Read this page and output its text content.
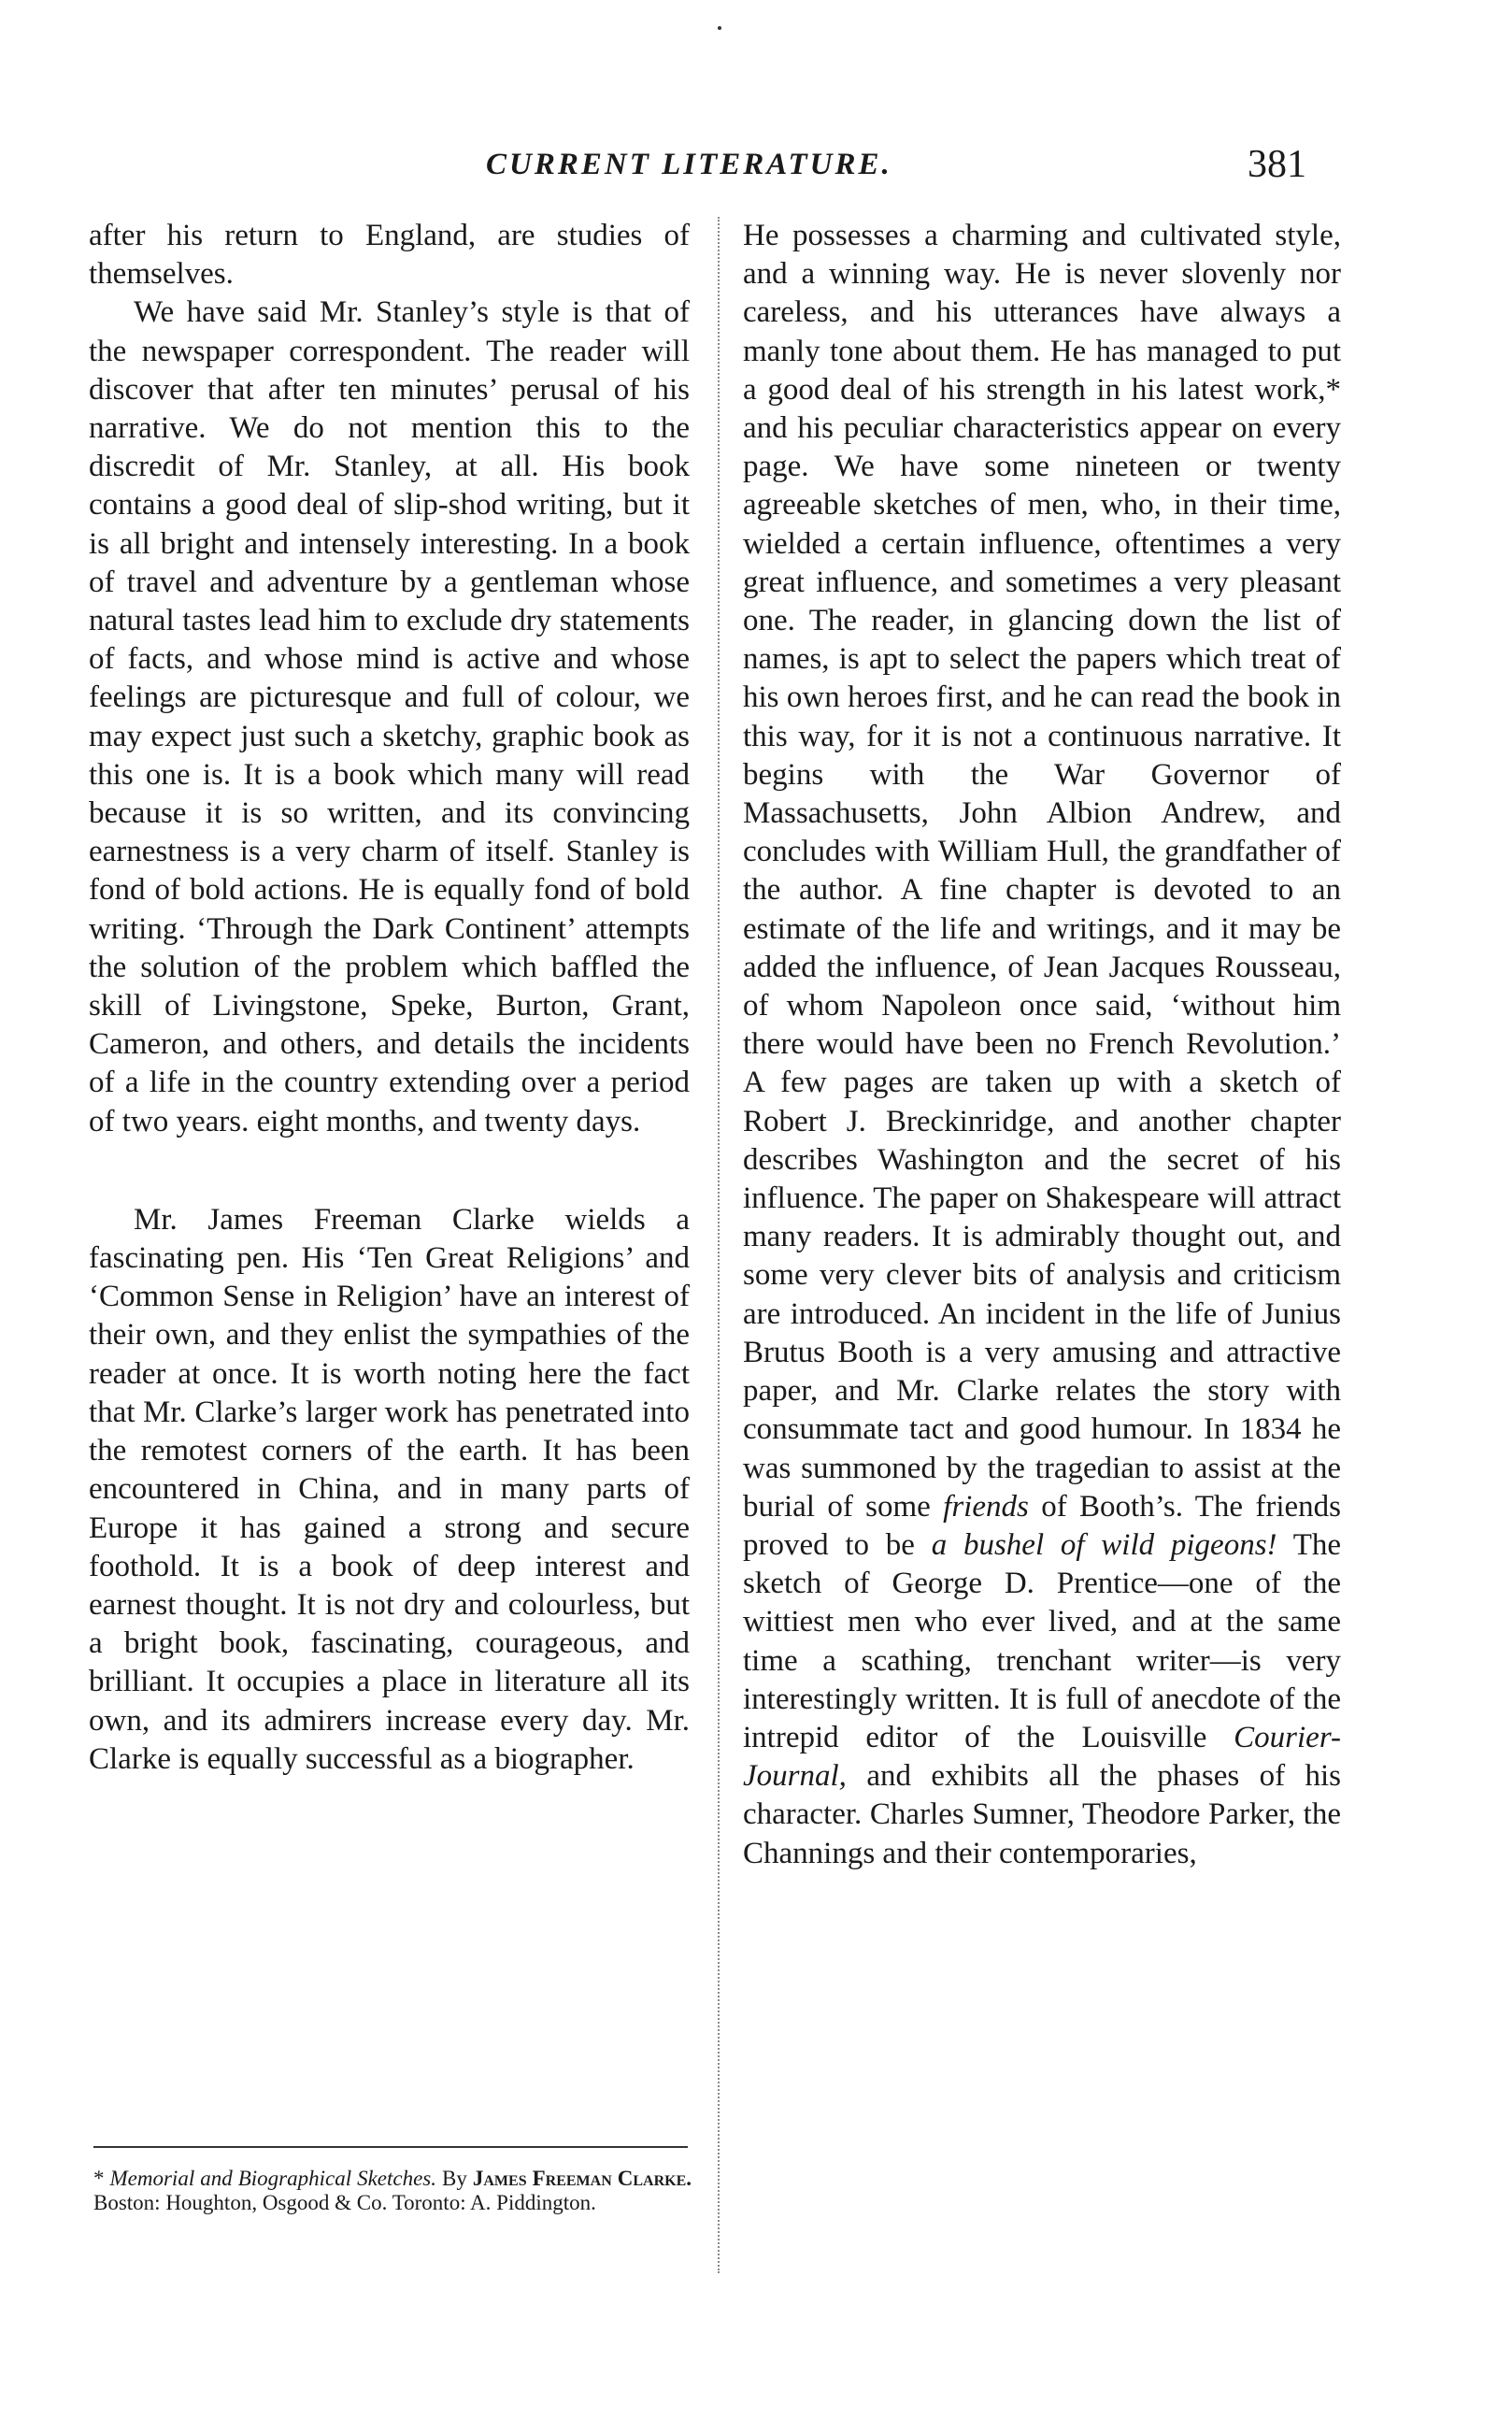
CURRENT LITERATURE.	381

after his return to England, are studies of themselves.

We have said Mr. Stanley’s style is that of the newspaper correspondent. The reader will discover that after ten minutes’ perusal of his narrative. We do not mention this to the discredit of Mr. Stanley, at all. His book contains a good deal of slip-shod writing, but it is all bright and intensely interesting. In a book of travel and adventure by a gentleman whose natural tastes lead him to exclude dry statements of facts, and whose mind is active and whose feelings are picturesque and full of colour, we may expect just such a sketchy, graphic book as this one is. It is a book which many will read because it is so written, and its convincing earnestness is a very charm of itself. Stanley is fond of bold actions. He is equally fond of bold writing. ‘Through the Dark Continent’ attempts the solution of the problem which baffled the skill of Livingstone, Speke, Burton, Grant, Cameron, and others, and details the incidents of a life in the country extending over a period of two years. eight months, and twenty days.

Mr. James Freeman Clarke wields a fascinating pen. His ‘Ten Great Religions’ and ‘Common Sense in Religion’ have an interest of their own, and they enlist the sympathies of the reader at once. It is worth noting here the fact that Mr. Clarke’s larger work has penetrated into the remotest corners of the earth. It has been encountered in China, and in many parts of Europe it has gained a strong and secure foothold. It is a book of deep interest and earnest thought. It is not dry and colourless, but a bright book, fascinating, courageous, and brilliant. It occupies a place in literature all its own, and its admirers increase every day. Mr. Clarke is equally successful as a biographer.

* Memorial and Biographical Sketches. By James Freeman Clarke. Boston: Houghton, Osgood & Co. Toronto: A. Piddington.

He possesses a charming and cultivated style, and a winning way. He is never slovenly nor careless, and his utterances have always a manly tone about them. He has managed to put a good deal of his strength in his latest work,* and his peculiar characteristics appear on every page. We have some nineteen or twenty agreeable sketches of men, who, in their time, wielded a certain influence, oftentimes a very great influence, and sometimes a very pleasant one. The reader, in glancing down the list of names, is apt to select the papers which treat of his own heroes first, and he can read the book in this way, for it is not a continuous narrative. It begins with the War Governor of Massachusetts, John Albion Andrew, and concludes with William Hull, the grandfather of the author. A fine chapter is devoted to an estimate of the life and writings, and it may be added the influence, of Jean Jacques Rousseau, of whom Napoleon once said, ‘without him there would have been no French Revolution.’ A few pages are taken up with a sketch of Robert J. Breckinridge, and another chapter describes Washington and the secret of his influence. The paper on Shakespeare will attract many readers. It is admirably thought out, and some very clever bits of analysis and criticism are introduced. An incident in the life of Junius Brutus Booth is a very amusing and attractive paper, and Mr. Clarke relates the story with consummate tact and good humour. In 1834 he was summoned by the tragedian to assist at the burial of some friends of Booth’s. The friends proved to be a bushel of wild pigeons! The sketch of George D. Prentice—one of the wittiest men who ever lived, and at the same time a scathing, trenchant writer—is very interestingly written. It is full of anecdote of the intrepid editor of the Louisville Courier-Journal, and exhibits all the phases of his character. Charles Sumner, Theodore Parker, the Channings and their contemporaries,
